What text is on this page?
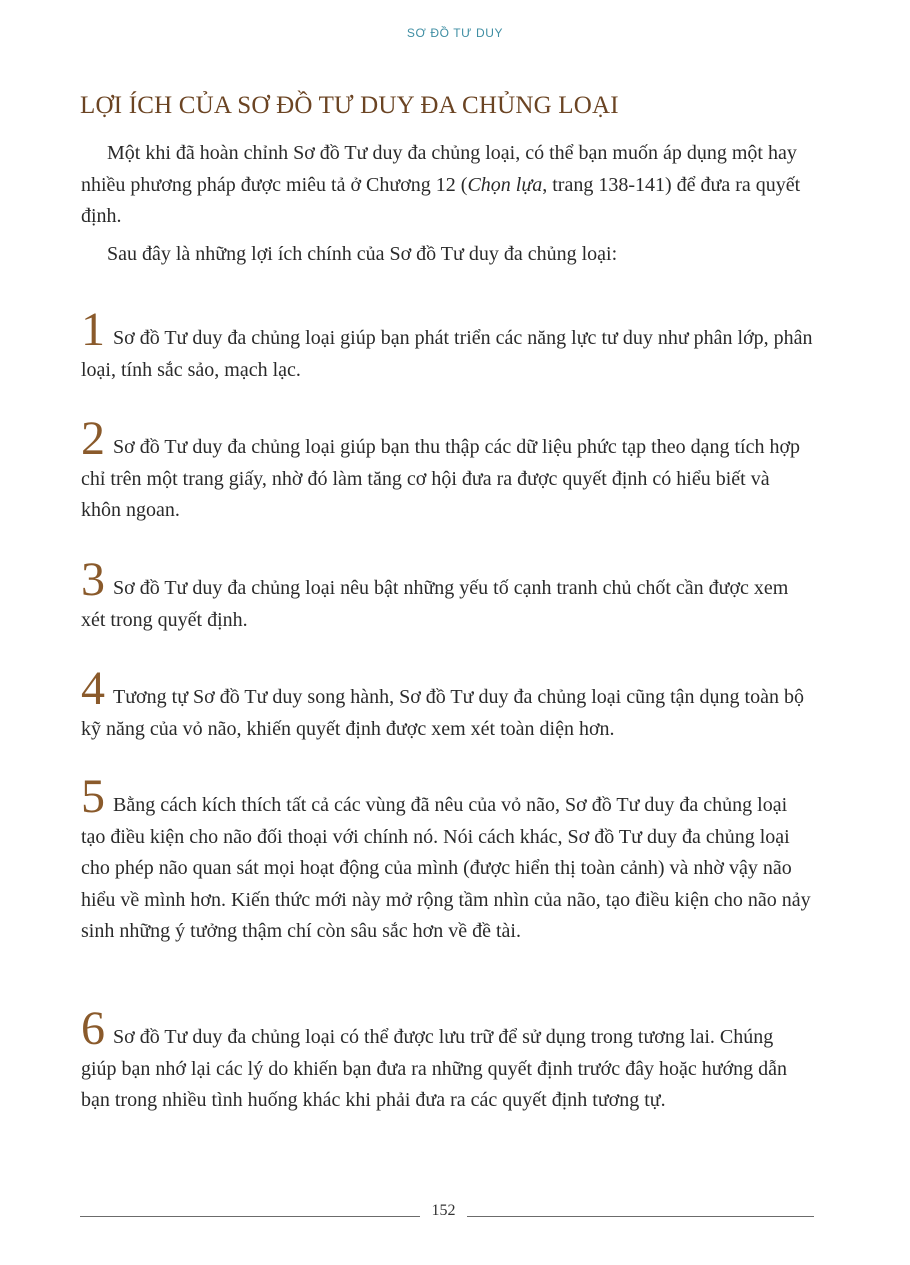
SƠ ĐỒ TƯ DUY
LỢI ÍCH CỦA SƠ ĐỒ TƯ DUY ĐA CHỦNG LOẠI

Một khi đã hoàn chỉnh Sơ đồ Tư duy đa chủng loại, có thể bạn muốn áp dụng một hay nhiều phương pháp được miêu tả ở Chương 12 (Chọn lựa, trang 138-141) để đưa ra quyết định.

Sau đây là những lợi ích chính của Sơ đồ Tư duy đa chủng loại:

1 Sơ đồ Tư duy đa chủng loại giúp bạn phát triển các năng lực tư duy như phân lớp, phân loại, tính sắc sảo, mạch lạc.

2 Sơ đồ Tư duy đa chủng loại giúp bạn thu thập các dữ liệu phức tạp theo dạng tích hợp chỉ trên một trang giấy, nhờ đó làm tăng cơ hội đưa ra được quyết định có hiểu biết và khôn ngoan.

3 Sơ đồ Tư duy đa chủng loại nêu bật những yếu tố cạnh tranh chủ chốt cần được xem xét trong quyết định.

4 Tương tự Sơ đồ Tư duy song hành, Sơ đồ Tư duy đa chủng loại cũng tận dụng toàn bộ kỹ năng của vỏ não, khiến quyết định được xem xét toàn diện hơn.

5 Bằng cách kích thích tất cả các vùng đã nêu của vỏ não, Sơ đồ Tư duy đa chủng loại tạo điều kiện cho não đối thoại với chính nó. Nói cách khác, Sơ đồ Tư duy đa chủng loại cho phép não quan sát mọi hoạt động của mình (được hiển thị toàn cảnh) và nhờ vậy não hiểu về mình hơn. Kiến thức mới này mở rộng tầm nhìn của não, tạo điều kiện cho não nảy sinh những ý tưởng thậm chí còn sâu sắc hơn về đề tài.

6 Sơ đồ Tư duy đa chủng loại có thể được lưu trữ để sử dụng trong tương lai. Chúng giúp bạn nhớ lại các lý do khiến bạn đưa ra những quyết định trước đây hoặc hướng dẫn bạn trong nhiều tình huống khác khi phải đưa ra các quyết định tương tự.

152
